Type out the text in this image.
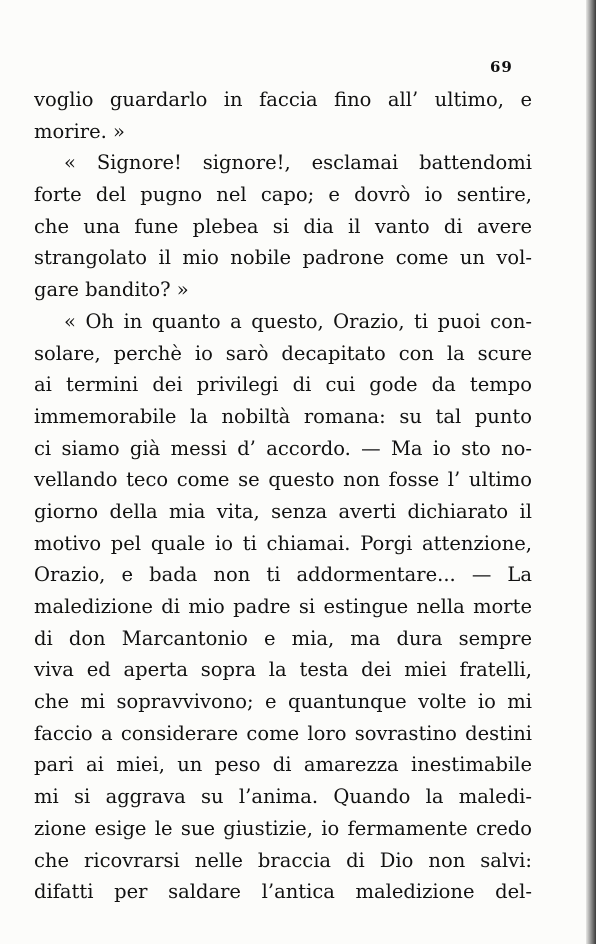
69
voglio guardarlo in faccia fino all’ ultimo, e
morire. »
« Signore! signore!, esclamai battendomi
forte del pugno nel capo; e dovrò io sentire,
che una fune plebea si dia il vanto di avere
strangolato il mio nobile padrone come un vol-
gare bandito? »
« Oh in quanto a questo, Orazio, ti puoi con-
solare, perchè io sarò decapitato con la scure
ai termini dei privilegi di cui gode da tempo
immemorabile la nobiltà romana: su tal punto
ci siamo già messi d’ accordo. — Ma io sto no-
vellando teco come se questo non fosse l’ ultimo
giorno della mia vita, senza averti dichiarato il
motivo pel quale io ti chiamai. Porgi attenzione,
Orazio, e bada non ti addormentare... — La
maledizione di mio padre si estingue nella morte
di don Marcantonio e mia, ma dura sempre
viva ed aperta sopra la testa dei miei fratelli,
che mi sopravvivono; e quantunque volte io mi
faccio a considerare come loro sovrastino destini
pari ai miei, un peso di amarezza inestimabile
mi si aggrava su l’anima. Quando la maledi-
zione esige le sue giustizie, io fermamente credo
che ricovrarsi nelle braccia di Dio non salvi:
difatti per saldare l’antica maledizione del-
